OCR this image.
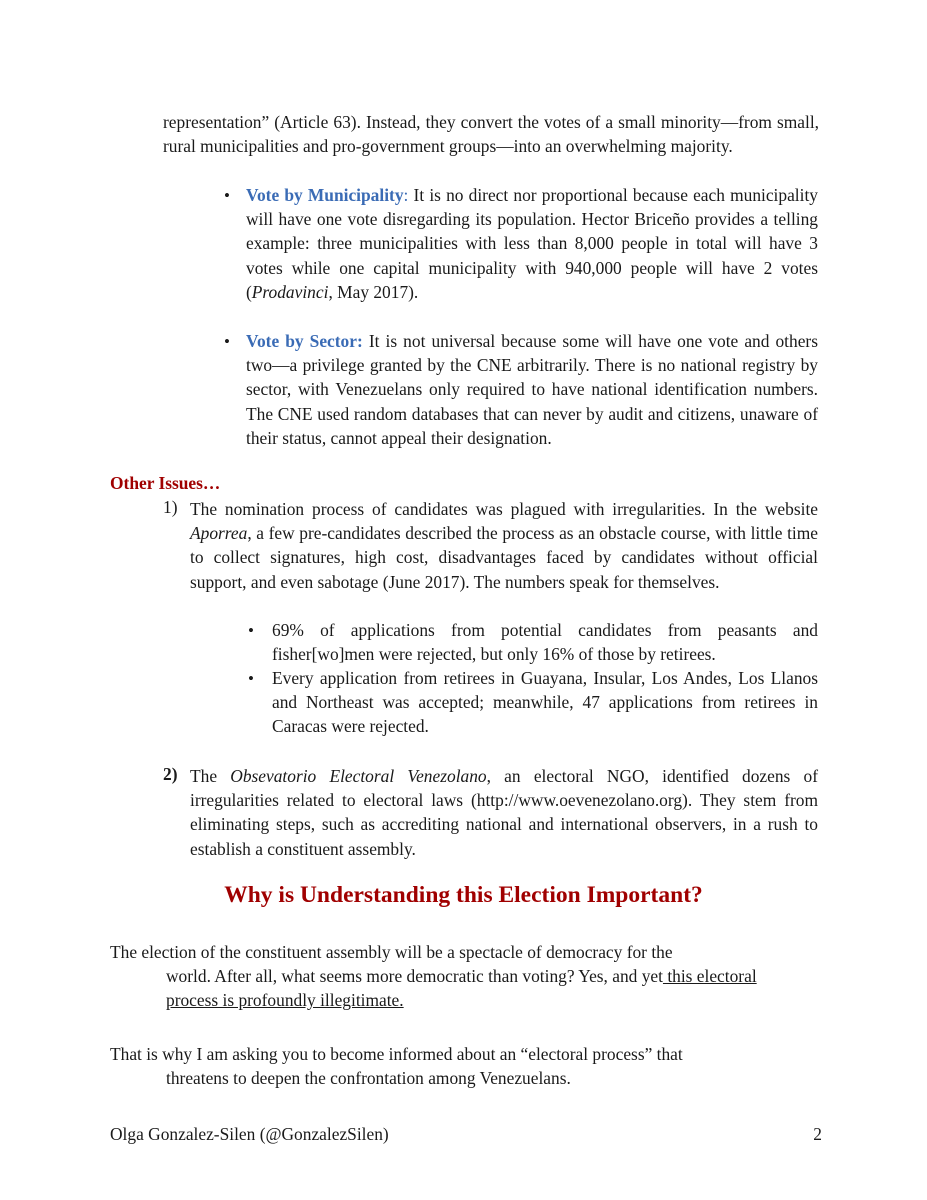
representation” (Article 63). Instead, they convert the votes of a small minority—from small, rural municipalities and pro-government groups—into an overwhelming majority.

• Vote by Municipality: It is no direct nor proportional because each municipality will have one vote disregarding its population. Hector Briceño provides a telling example: three municipalities with less than 8,000 people in total will have 3 votes while one capital municipality with 940,000 people will have 2 votes (Prodavinci, May 2017).

• Vote by Sector: It is not universal because some will have one vote and others two—a privilege granted by the CNE arbitrarily. There is no national registry by sector, with Venezuelans only required to have national identification numbers. The CNE used random databases that can never by audit and citizens, unaware of their status, cannot appeal their designation.

Other Issues…

1) The nomination process of candidates was plagued with irregularities. In the website Aporrea, a few pre-candidates described the process as an obstacle course, with little time to collect signatures, high cost, disadvantages faced by candidates without official support, and even sabotage (June 2017). The numbers speak for themselves.

• 69% of applications from potential candidates from peasants and fisher[wo]men were rejected, but only 16% of those by retirees.

• Every application from retirees in Guayana, Insular, Los Andes, Los Llanos and Northeast was accepted; meanwhile, 47 applications from retirees in Caracas were rejected.

2) The Obsevatorio Electoral Venezolano, an electoral NGO, identified dozens of irregularities related to electoral laws (http://www.oevenezolano.org). They stem from eliminating steps, such as accrediting national and international observers, in a rush to establish a constituent assembly.

Why is Understanding this Election Important?
The election of the constituent assembly will be a spectacle of democracy for the
world. After all, what seems more democratic than voting? Yes, and yet this electoral
process is profoundly illegitimate.
That is why I am asking you to become informed about an “electoral process” that
threatens to deepen the confrontation among Venezuelans.
Olga Gonzalez-Silen (@GonzalezSilen)	2
